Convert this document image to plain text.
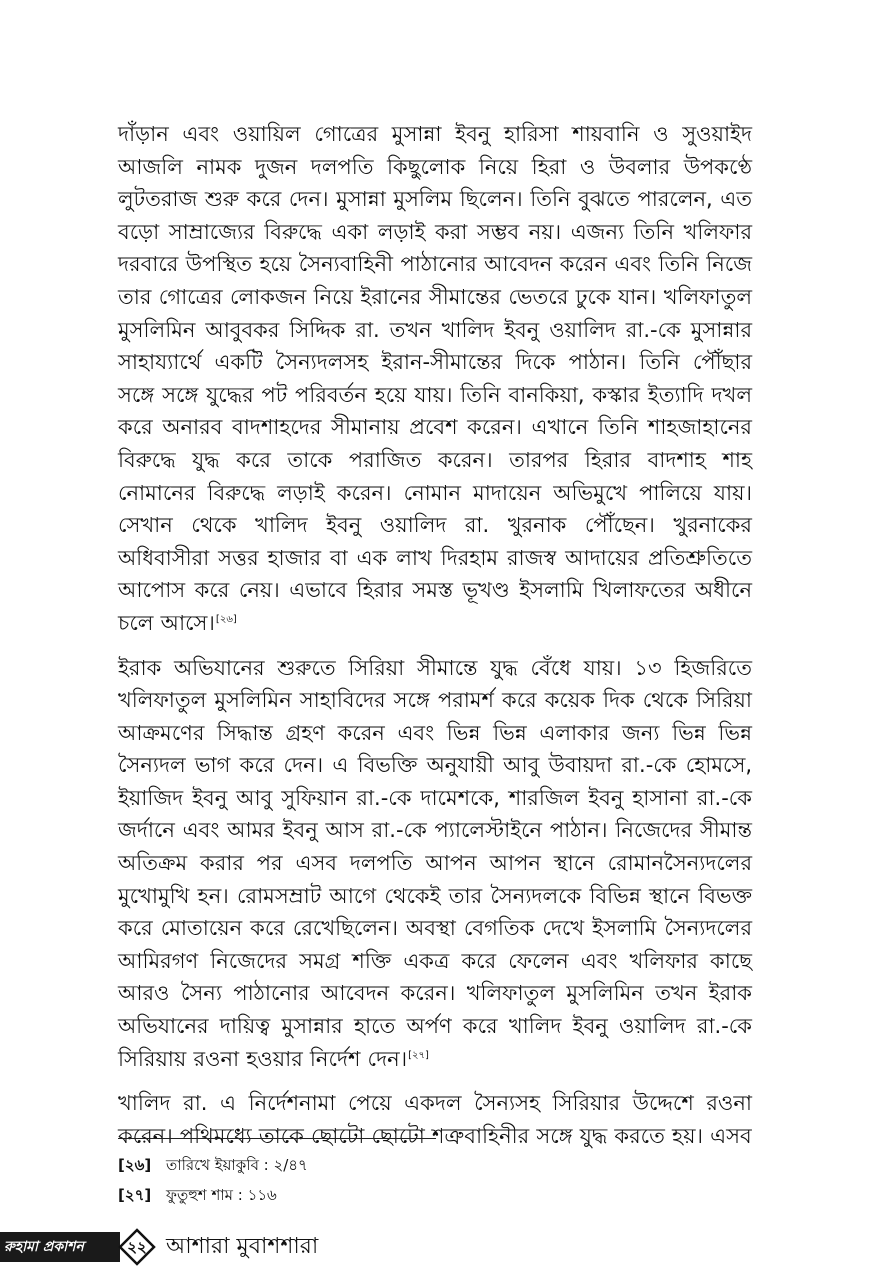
দাঁড়ান এবং ওয়ায়িল গোত্রের মুসান্না ইবনু হারিসা শায়বানি ও সুওয়াইদ আজলি নামক দুজন দলপতি কিছুলোক নিয়ে হিরা ও উবলার উপকণ্ঠে লুটতরাজ শুরু করে দেন। মুসান্না মুসলিম ছিলেন। তিনি বুঝতে পারলেন, এত বড়ো সাম্রাজ্যের বিরুদ্ধে একা লড়াই করা সম্ভব নয়। এজন্য তিনি খলিফার দরবারে উপস্থিত হয়ে সৈন্যবাহিনী পাঠানোর আবেদন করেন এবং তিনি নিজে তার গোত্রের লোকজন নিয়ে ইরানের সীমান্তের ভেতরে ঢুকে যান। খলিফাতুল মুসলিমিন আবুবকর সিদ্দিক রা. তখন খালিদ ইবনু ওয়ালিদ রা.-কে মুসান্নার সাহায্যার্থে একটি সৈন্যদলসহ ইরান-সীমান্তের দিকে পাঠান। তিনি পৌঁছার সঙ্গে সঙ্গে যুদ্ধের পট পরিবর্তন হয়ে যায়। তিনি বানকিয়া, কস্কার ইত্যাদি দখল করে অনারব বাদশাহদের সীমানায় প্রবেশ করেন। এখানে তিনি শাহজাহানের বিরুদ্ধে যুদ্ধ করে তাকে পরাজিত করেন। তারপর হিরার বাদশাহ শাহ নোমানের বিরুদ্ধে লড়াই করেন। নোমান মাদায়েন অভিমুখে পালিয়ে যায়। সেখান থেকে খালিদ ইবনু ওয়ালিদ রা. খুরনাক পৌঁছেন। খুরনাকের অধিবাসীরা সত্তর হাজার বা এক লাখ দিরহাম রাজস্ব আদায়ের প্রতিশ্রুতিতে আপোস করে নেয়। এভাবে হিরার সমস্ত ভূখণ্ড ইসলামি খিলাফতের অধীনে চলে আসে।[২৬]

ইরাক অভিযানের শুরুতে সিরিয়া সীমান্তে যুদ্ধ বেঁধে যায়। ১৩ হিজরিতে খলিফাতুল মুসলিমিন সাহাবিদের সঙ্গে পরামর্শ করে কয়েক দিক থেকে সিরিয়া আক্রমণের সিদ্ধান্ত গ্রহণ করেন এবং ভিন্ন ভিন্ন এলাকার জন্য ভিন্ন ভিন্ন সৈন্যদল ভাগ করে দেন। এ বিভক্তি অনুযায়ী আবু উবায়দা রা.-কে হোমসে, ইয়াজিদ ইবনু আবু সুফিয়ান রা.-কে দামেশকে, শারজিল ইবনু হাসানা রা.-কে জর্দানে এবং আমর ইবনু আস রা.-কে প্যালেস্টাইনে পাঠান। নিজেদের সীমান্ত অতিক্রম করার পর এসব দলপতি আপন আপন স্থানে রোমানসৈন্যদলের মুখোমুখি হন। রোমসম্রাট আগে থেকেই তার সৈন্যদলকে বিভিন্ন স্থানে বিভক্ত করে মোতায়েন করে রেখেছিলেন। অবস্থা বেগতিক দেখে ইসলামি সৈন্যদলের আমিরগণ নিজেদের সমগ্র শক্তি একত্র করে ফেলেন এবং খলিফার কাছে আরও সৈন্য পাঠানোর আবেদন করেন। খলিফাতুল মুসলিমিন তখন ইরাক অভিযানের দায়িত্ব মুসান্নার হাতে অর্পণ করে খালিদ ইবনু ওয়ালিদ রা.-কে সিরিয়ায় রওনা হওয়ার নির্দেশ দেন।[২৭]

খালিদ রা. এ নির্দেশনামা পেয়ে একদল সৈন্যসহ সিরিয়ার উদ্দেশে রওনা করেন। পথিমধ্যে তাকে ছোটো ছোটো শত্রুবাহিনীর সঙ্গে যুদ্ধ করতে হয়। এসব

[২৬] তারিখে ইয়াকুবি : ২/৪৭
[২৭] ফুতুহুশ শাম : ১১৬
রুহামা প্রকাশন	২২ আশারা মুবাশশারা
